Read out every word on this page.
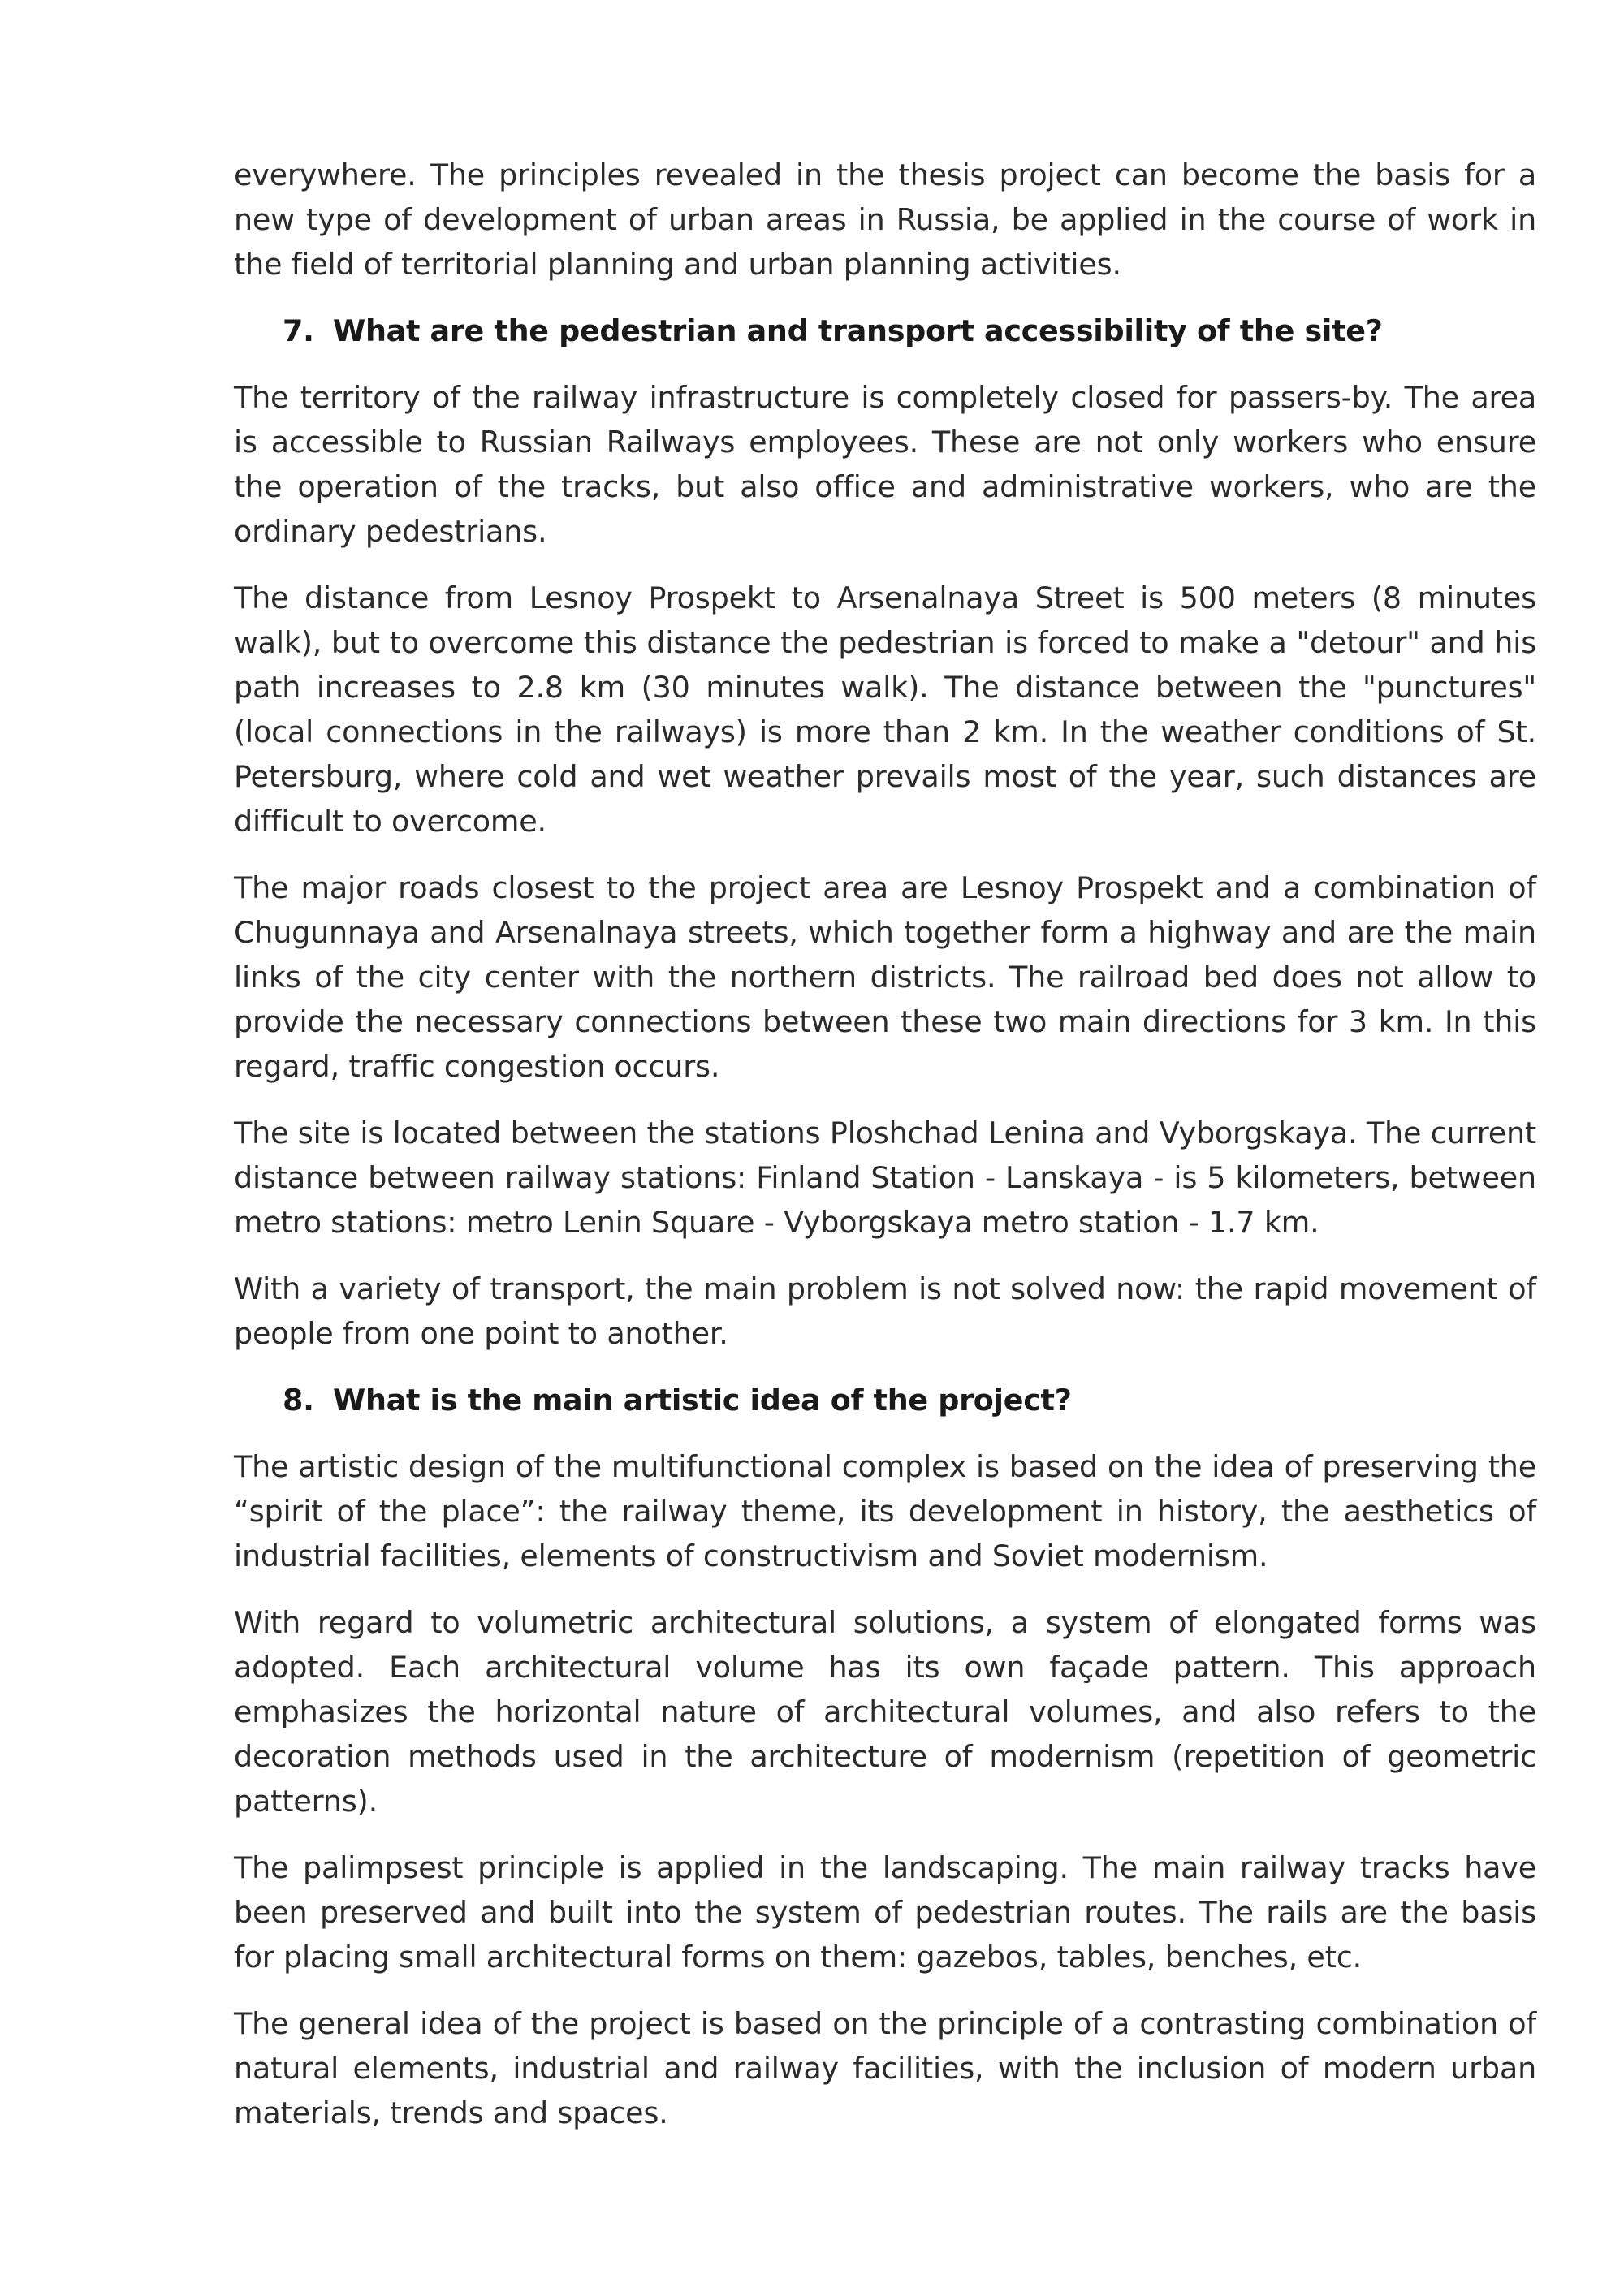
everywhere. The principles revealed in the thesis project can become the basis for a new type of development of urban areas in Russia, be applied in the course of work in the field of territorial planning and urban planning activities.

7. What are the pedestrian and transport accessibility of the site?

The territory of the railway infrastructure is completely closed for passers-by. The area is accessible to Russian Railways employees. These are not only workers who ensure the operation of the tracks, but also office and administrative workers, who are the ordinary pedestrians.

The distance from Lesnoy Prospekt to Arsenalnaya Street is 500 meters (8 minutes walk), but to overcome this distance the pedestrian is forced to make a "detour" and his path increases to 2.8 km (30 minutes walk). The distance between the "punctures" (local connections in the railways) is more than 2 km. In the weather conditions of St. Petersburg, where cold and wet weather prevails most of the year, such distances are difficult to overcome.

The major roads closest to the project area are Lesnoy Prospekt and a combination of Chugunnaya and Arsenalnaya streets, which together form a highway and are the main links of the city center with the northern districts. The railroad bed does not allow to provide the necessary connections between these two main directions for 3 km. In this regard, traffic congestion occurs.

The site is located between the stations Ploshchad Lenina and Vyborgskaya. The current distance between railway stations: Finland Station - Lanskaya - is 5 kilometers, between metro stations: metro Lenin Square - Vyborgskaya metro station - 1.7 km.

With a variety of transport, the main problem is not solved now: the rapid movement of people from one point to another.

8. What is the main artistic idea of the project?

The artistic design of the multifunctional complex is based on the idea of preserving the “spirit of the place”: the railway theme, its development in history, the aesthetics of industrial facilities, elements of constructivism and Soviet modernism.

With regard to volumetric architectural solutions, a system of elongated forms was adopted. Each architectural volume has its own façade pattern. This approach emphasizes the horizontal nature of architectural volumes, and also refers to the decoration methods used in the architecture of modernism (repetition of geometric patterns).

The palimpsest principle is applied in the landscaping. The main railway tracks have been preserved and built into the system of pedestrian routes. The rails are the basis for placing small architectural forms on them: gazebos, tables, benches, etc.

The general idea of the project is based on the principle of a contrasting combination of natural elements, industrial and railway facilities, with the inclusion of modern urban materials, trends and spaces.
